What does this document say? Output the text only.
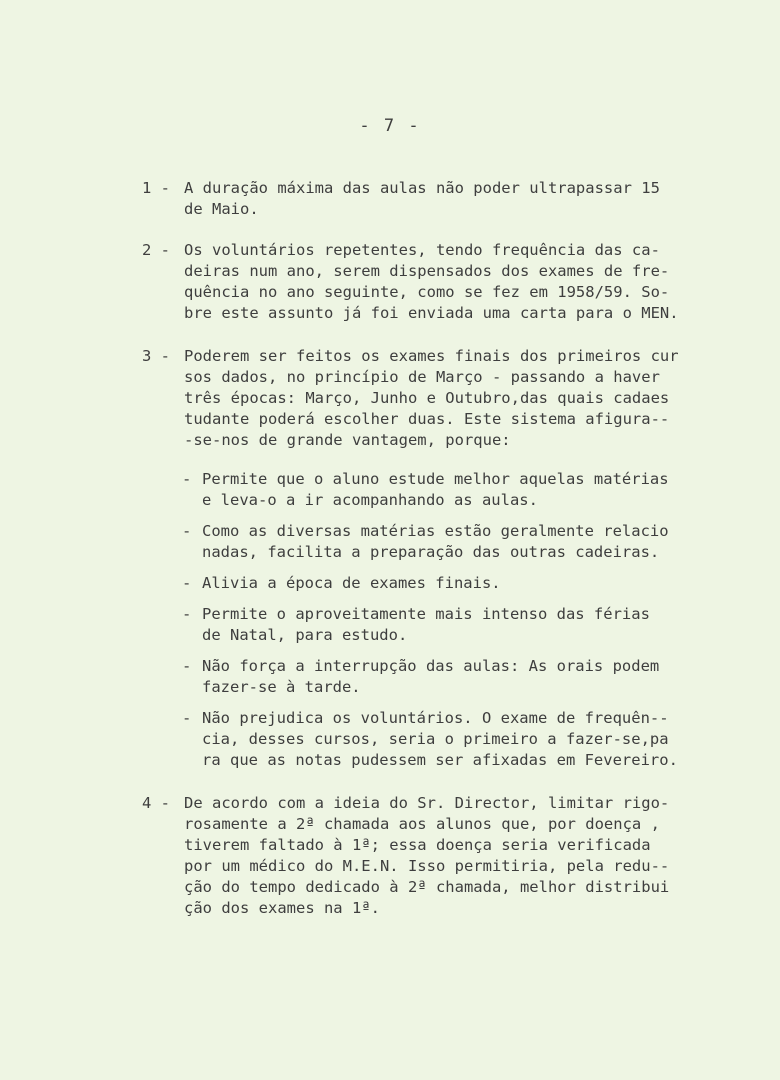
- 7 -
1 - A duração máxima das aulas não poder ultrapassar 15
de Maio.
2 - Os voluntários repetentes, tendo frequência das ca-
deiras num ano, serem dispensados dos exames de fre-
quência no ano seguinte, como se fez em 1958/59. So-
bre este assunto já foi enviada uma carta para o MEN.
3 - Poderem ser feitos os exames finais dos primeiros cur
sos dados, no princípio de Março - passando a haver
três épocas: Março, Junho e Outubro,das quais cadaes
tudante poderá escolher duas. Este sistema afigura--
-se-nos de grande vantagem, porque:
- Permite que o aluno estude melhor aquelas matérias
e leva-o a ir acompanhando as aulas.
- Como as diversas matérias estão geralmente relacio
nadas, facilita a preparação das outras cadeiras.
- Alivia a época de exames finais.
- Permite o aproveitamente mais intenso das férias
de Natal, para estudo.
- Não força a interrupção das aulas: As orais podem
fazer-se à tarde.
- Não prejudica os voluntários. O exame de frequên--
cia, desses cursos, seria o primeiro a fazer-se,pa
ra que as notas pudessem ser afixadas em Fevereiro.
4 - De acordo com a ideia do Sr. Director, limitar rigo-
rosamente a 2ª chamada aos alunos que, por doença ,
tiverem faltado à 1ª; essa doença seria verificada
por um médico do M.E.N. Isso permitiria, pela redu--
ção do tempo dedicado à 2ª chamada, melhor distribui
ção dos exames na 1ª.
